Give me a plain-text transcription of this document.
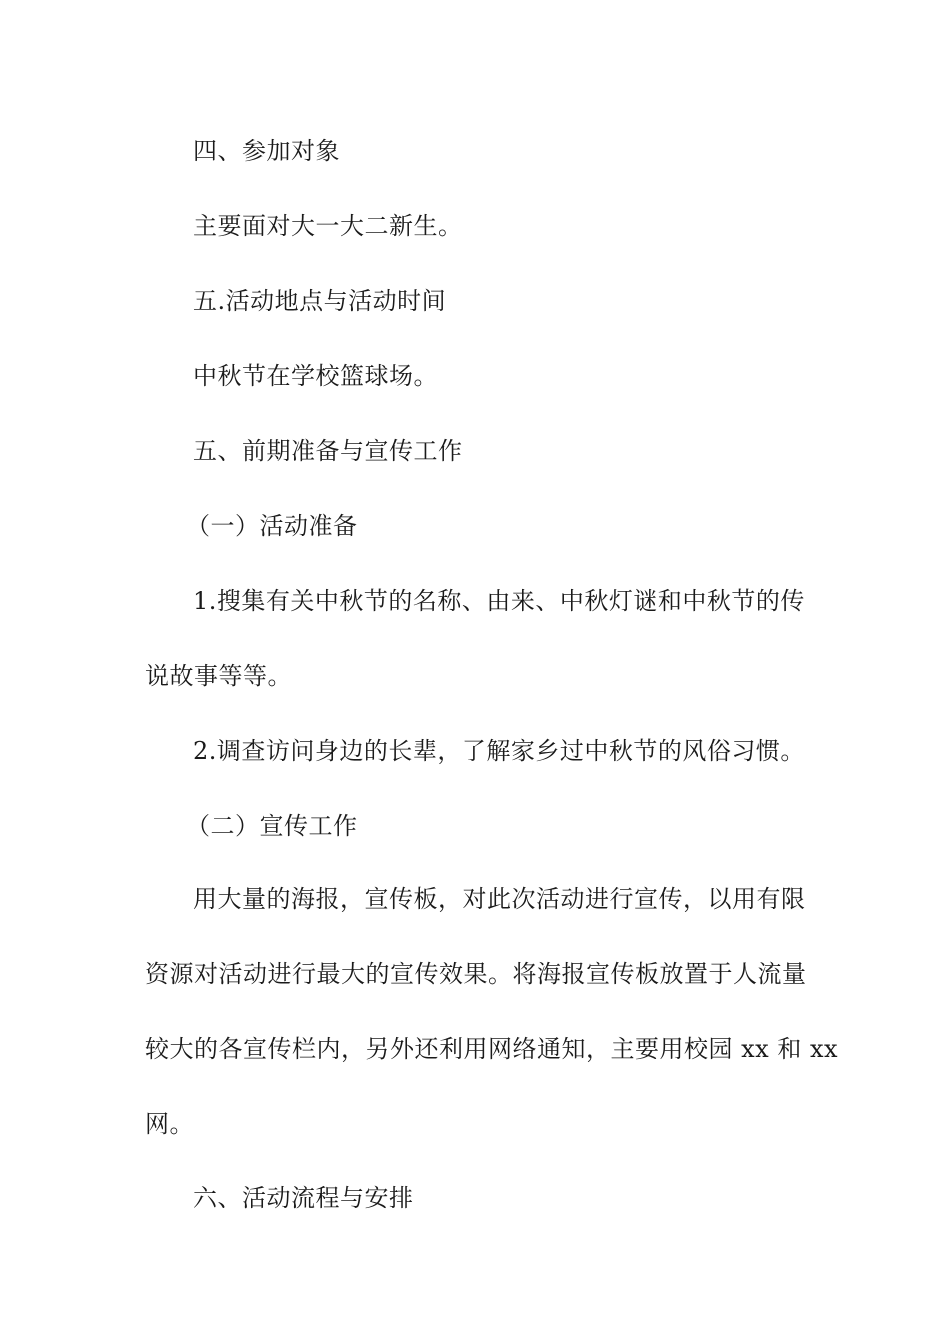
四、参加对象
主要面对大一大二新生。
五.活动地点与活动时间
中秋节在学校篮球场。
五、前期准备与宣传工作
（一）活动准备
1.搜集有关中秋节的名称、由来、中秋灯谜和中秋节的传
说故事等等。
2.调查访问身边的长辈，了解家乡过中秋节的风俗习惯。
（二）宣传工作
用大量的海报，宣传板，对此次活动进行宣传，以用有限
资源对活动进行最大的宣传效果。将海报宣传板放置于人流量
较大的各宣传栏内，另外还利用网络通知，主要用校园 xx 和 xx
网。
六、活动流程与安排
